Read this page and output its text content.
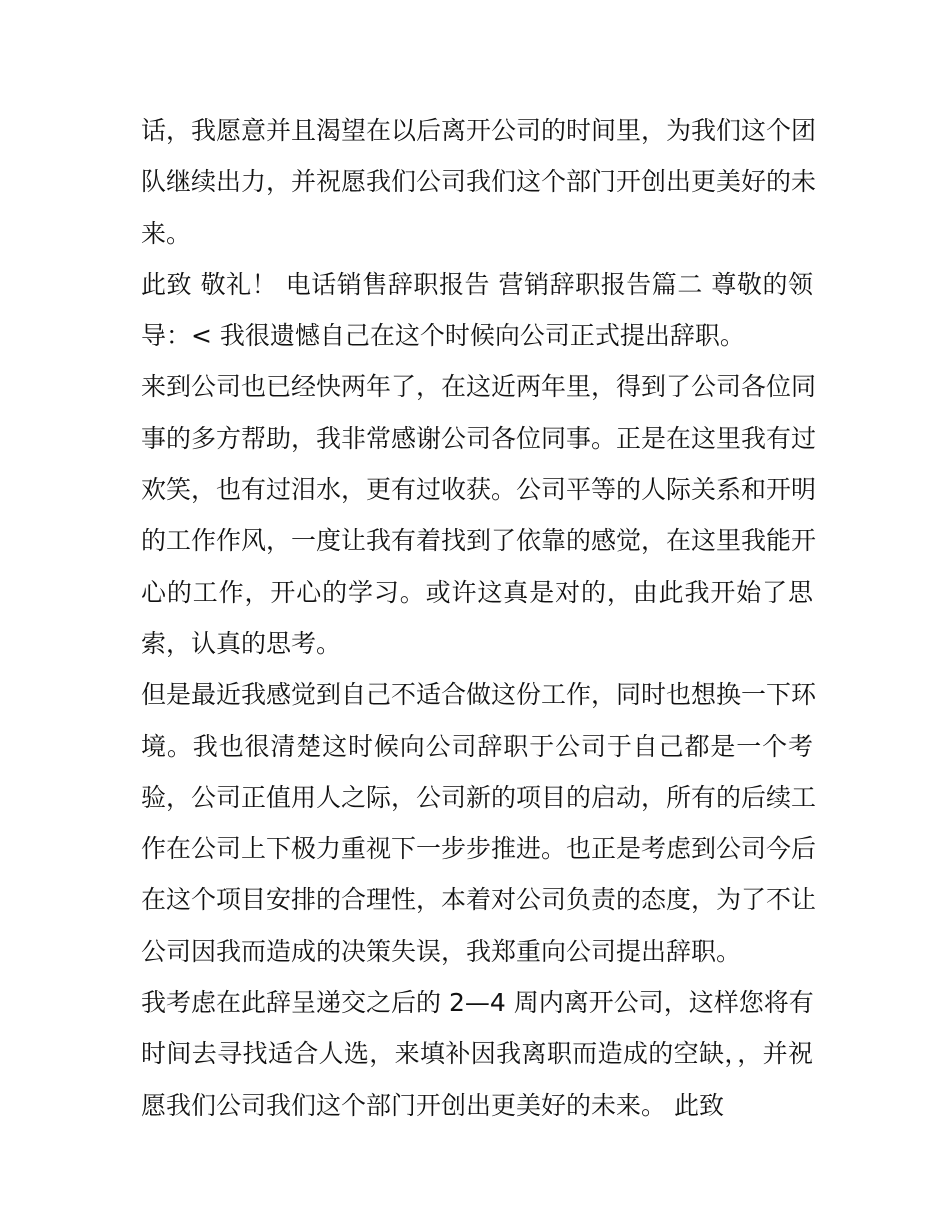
话，我愿意并且渴望在以后离开公司的时间里，为我们这个团
队继续出力，并祝愿我们公司我们这个部门开创出更美好的未
来。
此致 敬礼！ 电话销售辞职报告 营销辞职报告篇二 尊敬的领
导：< 我很遗憾自己在这个时候向公司正式提出辞职。
来到公司也已经快两年了，在这近两年里，得到了公司各位同
事的多方帮助，我非常感谢公司各位同事。正是在这里我有过
欢笑，也有过泪水，更有过收获。公司平等的人际关系和开明
的工作作风，一度让我有着找到了依靠的感觉，在这里我能开
心的工作，开心的学习。或许这真是对的，由此我开始了思
索，认真的思考。
但是最近我感觉到自己不适合做这份工作，同时也想换一下环
境。我也很清楚这时候向公司辞职于公司于自己都是一个考
验，公司正值用人之际，公司新的项目的启动，所有的后续工
作在公司上下极力重视下一步步推进。也正是考虑到公司今后
在这个项目安排的合理性，本着对公司负责的态度，为了不让
公司因我而造成的决策失误，我郑重向公司提出辞职。
我考虑在此辞呈递交之后的 2—4 周内离开公司，这样您将有
时间去寻找适合人选，来填补因我离职而造成的空缺，，并祝
愿我们公司我们这个部门开创出更美好的未来。 此致
